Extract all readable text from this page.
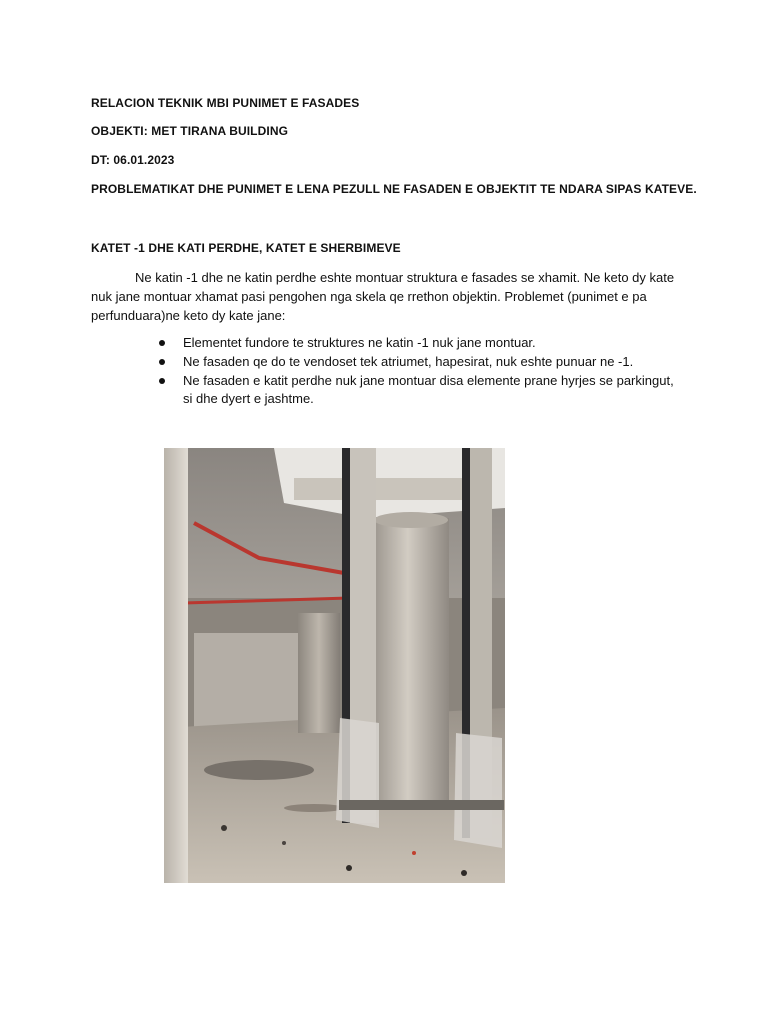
RELACION TEKNIK MBI PUNIMET E FASADES
OBJEKTI: MET TIRANA BUILDING
DT: 06.01.2023
PROBLEMATIKAT DHE PUNIMET E LENA PEZULL NE FASADEN E OBJEKTIT TE NDARA SIPAS KATEVE.
KATET -1 DHE KATI PERDHE, KATET E SHERBIMEVE
Ne katin -1 dhe ne katin perdhe eshte montuar struktura e fasades se xhamit. Ne keto dy kate nuk jane montuar xhamat pasi pengohen nga skela qe rrethon objektin. Problemet (punimet e pa perfunduara)ne keto dy kate jane:
Elementet fundore te struktures ne katin -1 nuk jane montuar.
Ne fasaden qe do te vendoset tek atriumet, hapesirat, nuk eshte punuar ne -1.
Ne fasaden e katit perdhe nuk jane montuar disa elemente prane hyrjes se parkingut, si dhe dyert e jashtme.
